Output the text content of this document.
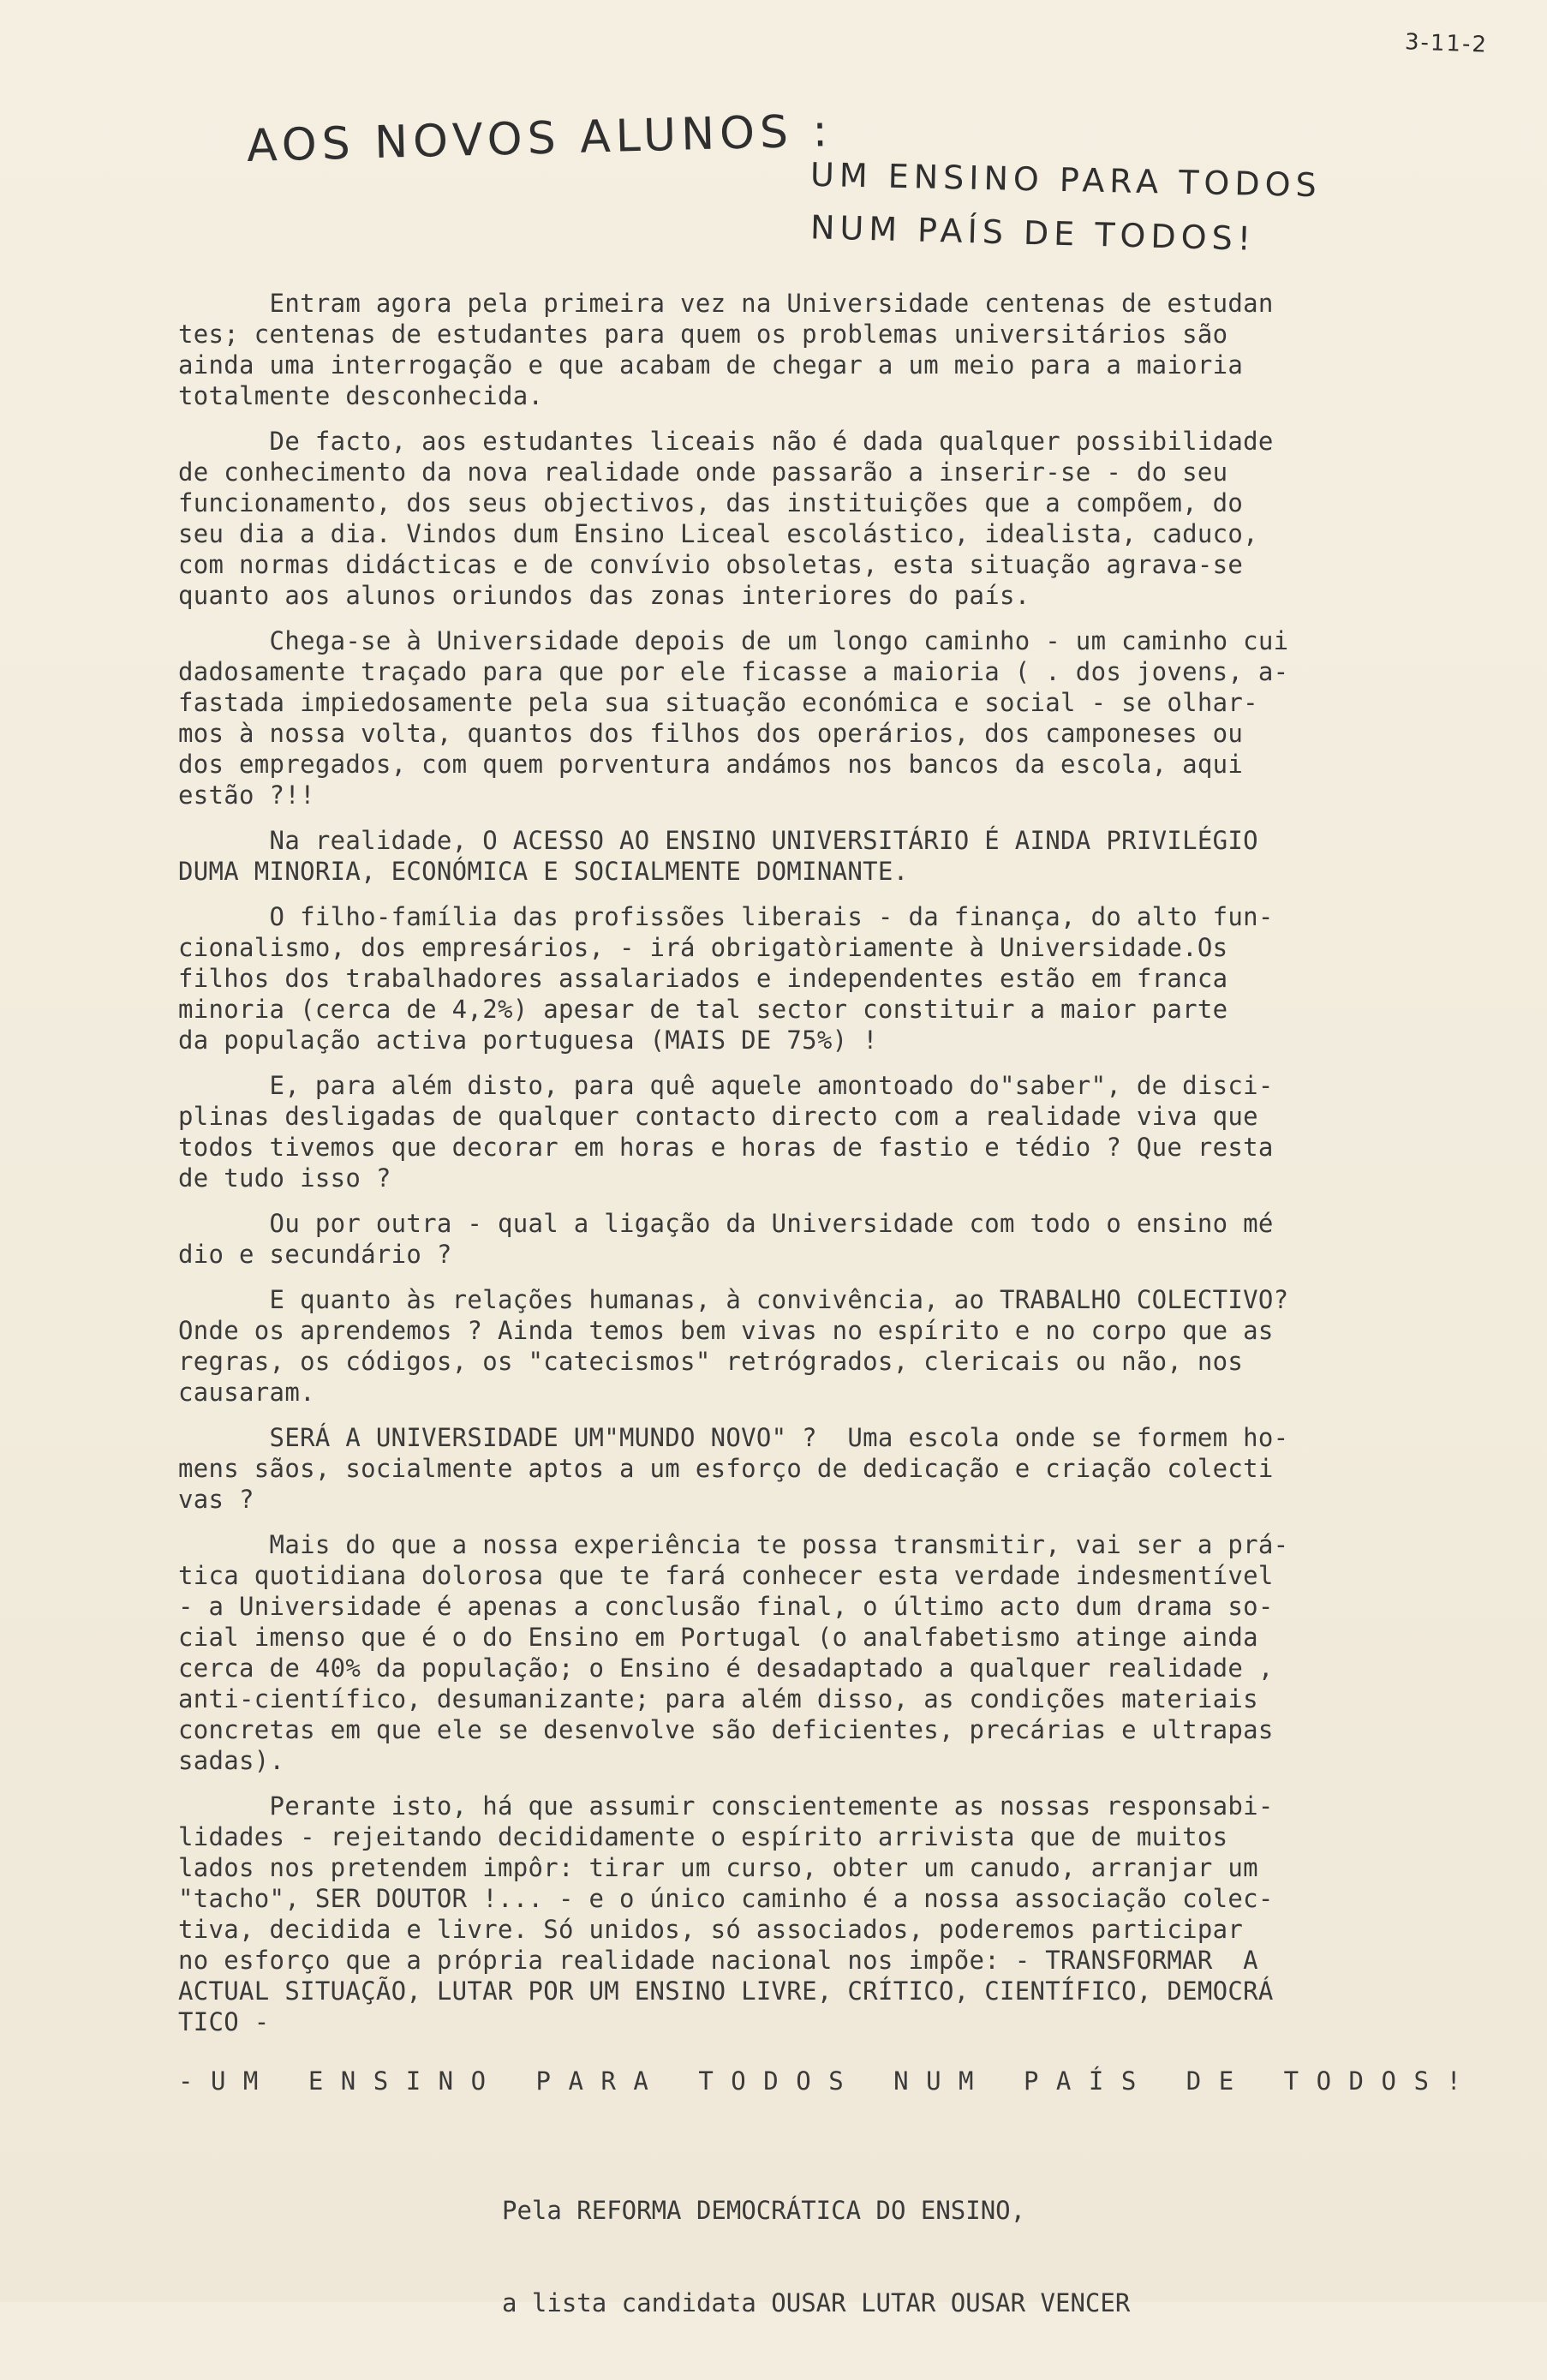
3-11-2
AOS NOVOS ALUNOS :
UM ENSINO PARA TODOS
NUM PAÍS DE TODOS!

Entram agora pela primeira vez na Universidade centenas de estudan
tes; centenas de estudantes para quem os problemas universitários são
ainda uma interrogação e que acabam de chegar a um meio para a maioria
totalmente desconhecida.

De facto, aos estudantes liceais não é dada qualquer possibilidade
de conhecimento da nova realidade onde passarão a inserir-se - do seu
funcionamento, dos seus objectivos, das instituições que a compõem, do
seu dia a dia. Vindos dum Ensino Liceal escolástico, idealista, caduco,
com normas didácticas e de convívio obsoletas, esta situação agrava-se
quanto aos alunos oriundos das zonas interiores do país.

Chega-se à Universidade depois de um longo caminho - um caminho cui
dadosamente traçado para que por ele ficasse a maioria ( . dos jovens, a-
fastada impiedosamente pela sua situação económica e social - se olhar-
mos à nossa volta, quantos dos filhos dos operários, dos camponeses ou
dos empregados, com quem porventura andámos nos bancos da escola, aqui
estão ?!!

Na realidade, O ACESSO AO ENSINO UNIVERSITÁRIO É AINDA PRIVILÉGIO
DUMA MINORIA, ECONÓMICA E SOCIALMENTE DOMINANTE.

O filho-família das profissões liberais - da finança, do alto fun-
cionalismo, dos empresários, - irá obrigatòriamente à Universidade.Os
filhos dos trabalhadores assalariados e independentes estão em franca
minoria (cerca de 4,2%) apesar de tal sector constituir a maior parte
da população activa portuguesa (MAIS DE 75%) !

E, para além disto, para quê aquele amontoado do"saber", de disci-
plinas desligadas de qualquer contacto directo com a realidade viva que
todos tivemos que decorar em horas e horas de fastio e tédio ? Que resta
de tudo isso ?

Ou por outra - qual a ligação da Universidade com todo o ensino mé
dio e secundário ?

E quanto às relações humanas, à convivência, ao TRABALHO COLECTIVO?
Onde os aprendemos ? Ainda temos bem vivas no espírito e no corpo que as
regras, os códigos, os "catecismos" retrógrados, clericais ou não, nos
causaram.

SERÁ A UNIVERSIDADE UM"MUNDO NOVO" ?  Uma escola onde se formem ho-
mens sãos, socialmente aptos a um esforço de dedicação e criação colecti
vas ?

Mais do que a nossa experiência te possa transmitir, vai ser a prá-
tica quotidiana dolorosa que te fará conhecer esta verdade indesmentível
- a Universidade é apenas a conclusão final, o último acto dum drama so-
cial imenso que é o do Ensino em Portugal (o analfabetismo atinge ainda
cerca de 40% da população; o Ensino é desadaptado a qualquer realidade ,
anti-científico, desumanizante; para além disso, as condições materiais
concretas em que ele se desenvolve são deficientes, precárias e ultrapas
sadas).

Perante isto, há que assumir conscientemente as nossas responsabi-
lidades - rejeitando decididamente o espírito arrivista que de muitos
lados nos pretendem impôr: tirar um curso, obter um canudo, arranjar um
"tacho", SER DOUTOR !... - e o único caminho é a nossa associação colec-
tiva, decidida e livre. Só unidos, só associados, poderemos participar
no esforço que a própria realidade nacional nos impõe: - TRANSFORMAR  A
ACTUAL SITUAÇÃO, LUTAR POR UM ENSINO LIVRE, CRÍTICO, CIENTÍFICO, DEMOCRÁ
TICO -

-UM ENSINO PARA TODOS NUM PAÍS DE TODOS!

Pela REFORMA DEMOCRÁTICA DO ENSINO,

a lista candidata OUSAR LUTAR OUSAR VENCER
